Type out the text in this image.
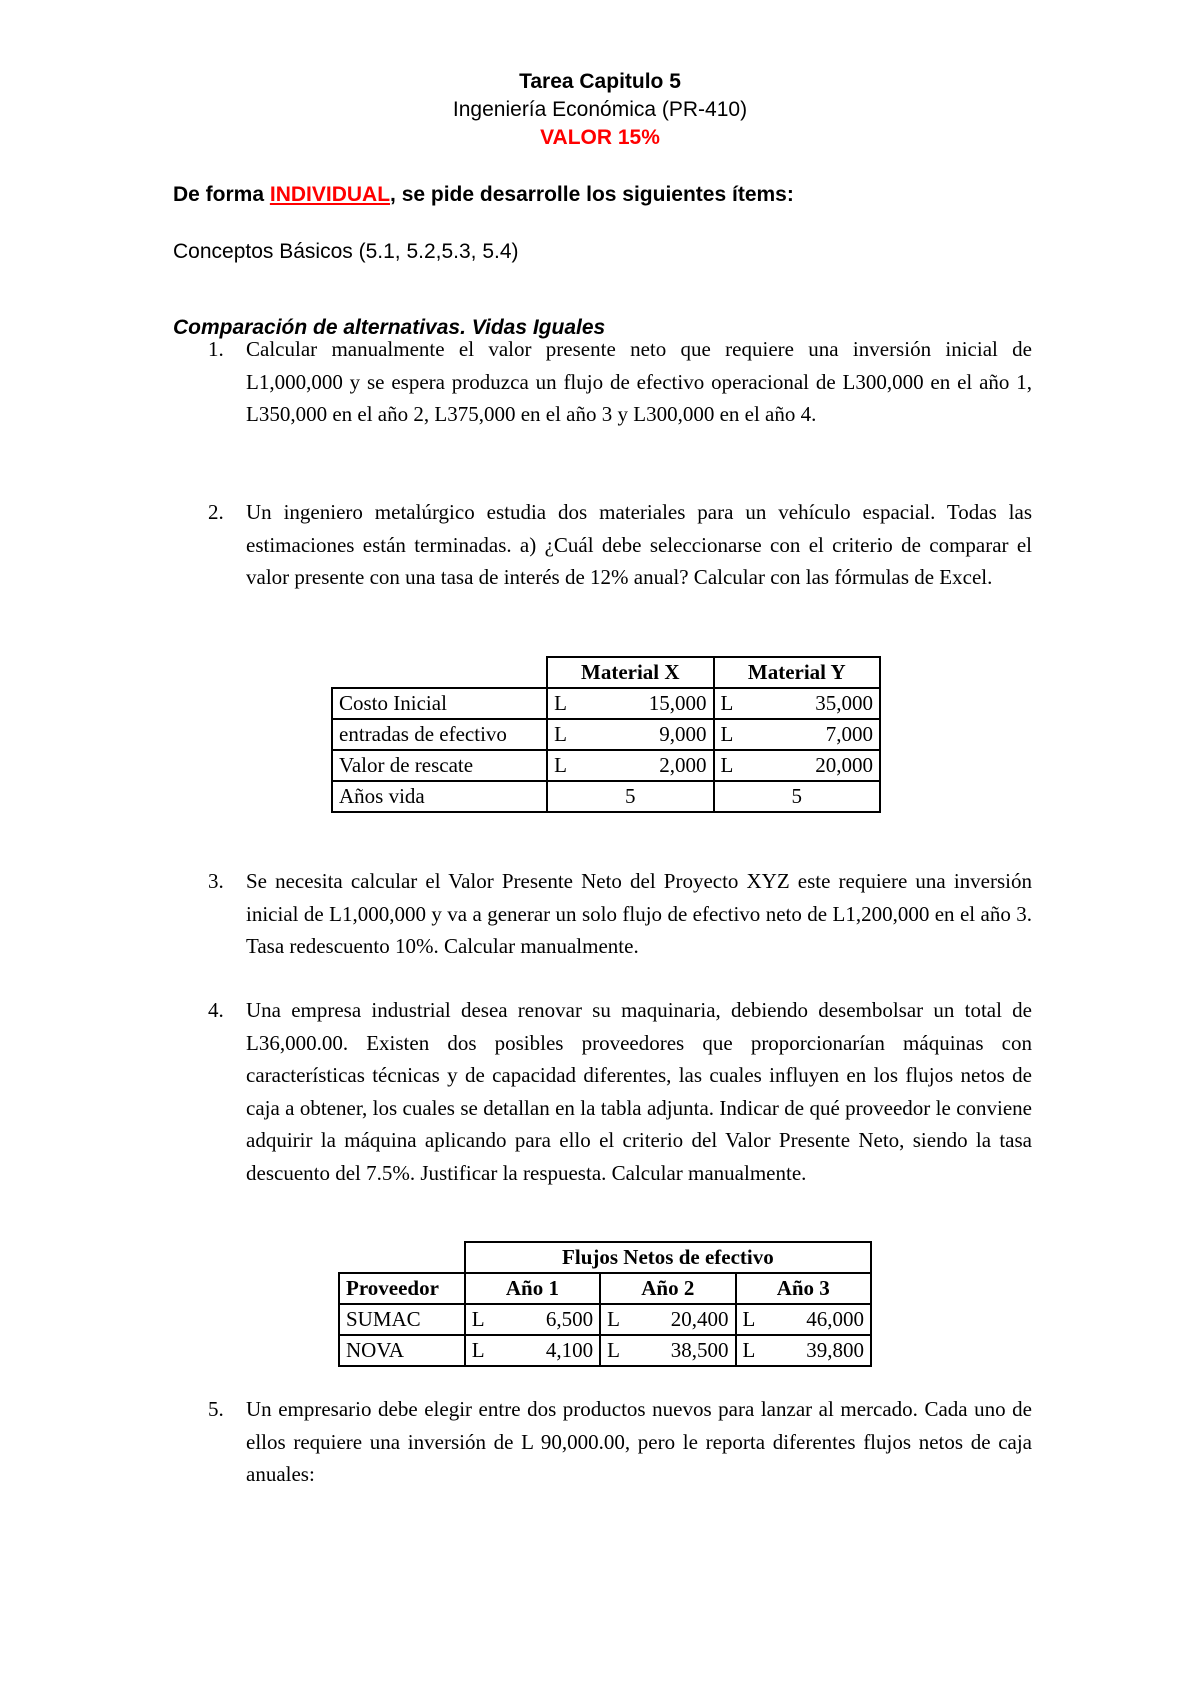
Tarea Capitulo 5
Ingeniería Económica (PR-410)
VALOR 15%
De forma INDIVIDUAL, se pide desarrolle los siguientes ítems:
Conceptos Básicos (5.1, 5.2,5.3, 5.4)
Comparación de alternativas. Vidas Iguales
1. Calcular manualmente el valor presente neto que requiere una inversión inicial de L1,000,000 y se espera produzca un flujo de efectivo operacional de L300,000 en el año 1, L350,000 en el año 2, L375,000 en el año 3 y L300,000 en el año 4.
2. Un ingeniero metalúrgico estudia dos materiales para un vehículo espacial. Todas las estimaciones están terminadas. a) ¿Cuál debe seleccionarse con el criterio de comparar el valor presente con una tasa de interés de 12% anual? Calcular con las fórmulas de Excel.
	Material X	Material Y
Costo Inicial	L 15,000	L 35,000

entradas de efectivo	L 9,000	L 7,000

Valor de rescate	L 2,000	L 20,000

Años vida	5	5
3. Se necesita calcular el Valor Presente Neto del Proyecto XYZ este requiere una inversión inicial de L1,000,000 y va a generar un solo flujo de efectivo neto de L1,200,000 en el año 3. Tasa redescuento 10%. Calcular manualmente.
4. Una empresa industrial desea renovar su maquinaria, debiendo desembolsar un total de L36,000.00. Existen dos posibles proveedores que proporcionarían máquinas con características técnicas y de capacidad diferentes, las cuales influyen en los flujos netos de caja a obtener, los cuales se detallan en la tabla adjunta. Indicar de qué proveedor le conviene adquirir la máquina aplicando para ello el criterio del Valor Presente Neto, siendo la tasa descuento del 7.5%. Justificar la respuesta. Calcular manualmente.
	Flujos Netos de efectivo		
Proveedor	Año 1	Año 2	Año 3
SUMAC	L 6,500	L 20,400	L 46,000

NOVA	L 4,100	L 38,500	L 39,800
5. Un empresario debe elegir entre dos productos nuevos para lanzar al mercado. Cada uno de ellos requiere una inversión de L 90,000.00, pero le reporta diferentes flujos netos de caja anuales:
